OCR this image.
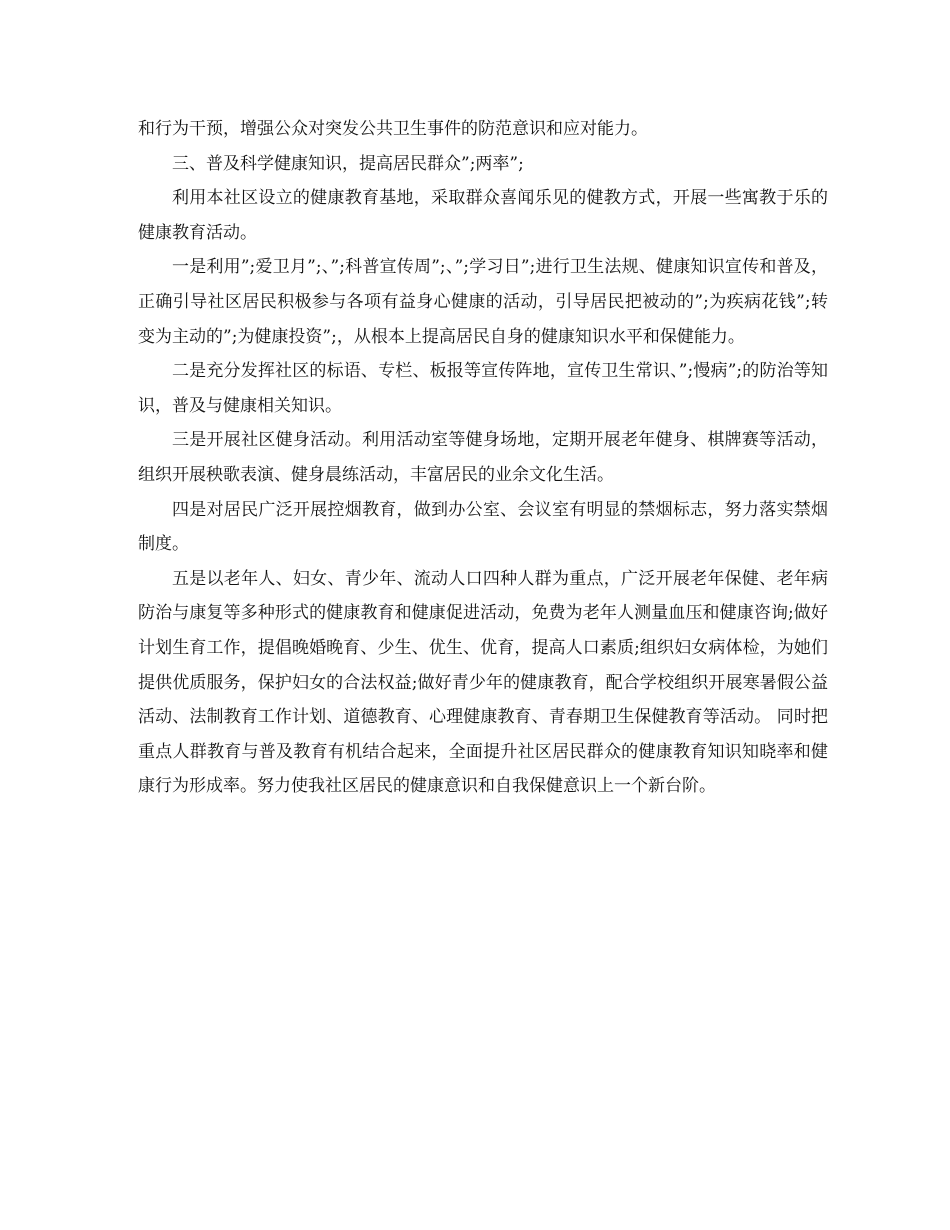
和行为干预，增强公众对突发公共卫生事件的防范意识和应对能力。

三、普及科学健康知识，提高居民群众”;两率”;

利用本社区设立的健康教育基地，采取群众喜闻乐见的健教方式，开展一些寓教于乐的健康教育活动。

一是利用”;爱卫月”;、”;科普宣传周”;、”;学习日”;进行卫生法规、健康知识宣传和普及，正确引导社区居民积极参与各项有益身心健康的活动，引导居民把被动的”;为疾病花钱”;转变为主动的”;为健康投资”;，从根本上提高居民自身的健康知识水平和保健能力。

二是充分发挥社区的标语、专栏、板报等宣传阵地，宣传卫生常识、”;慢病”;的防治等知识，普及与健康相关知识。

三是开展社区健身活动。利用活动室等健身场地，定期开展老年健身、棋牌赛等活动，组织开展秧歌表演、健身晨练活动，丰富居民的业余文化生活。

四是对居民广泛开展控烟教育，做到办公室、会议室有明显的禁烟标志，努力落实禁烟制度。

五是以老年人、妇女、青少年、流动人口四种人群为重点，广泛开展老年保健、老年病防治与康复等多种形式的健康教育和健康促进活动，免费为老年人测量血压和健康咨询;做好计划生育工作，提倡晚婚晚育、少生、优生、优育，提高人口素质;组织妇女病体检，为她们提供优质服务，保护妇女的合法权益;做好青少年的健康教育，配合学校组织开展寒暑假公益活动、法制教育工作计划、道德教育、心理健康教育、青春期卫生保健教育等活动。 同时把重点人群教育与普及教育有机结合起来，全面提升社区居民群众的健康教育知识知晓率和健康行为形成率。努力使我社区居民的健康意识和自我保健意识上一个新台阶。
